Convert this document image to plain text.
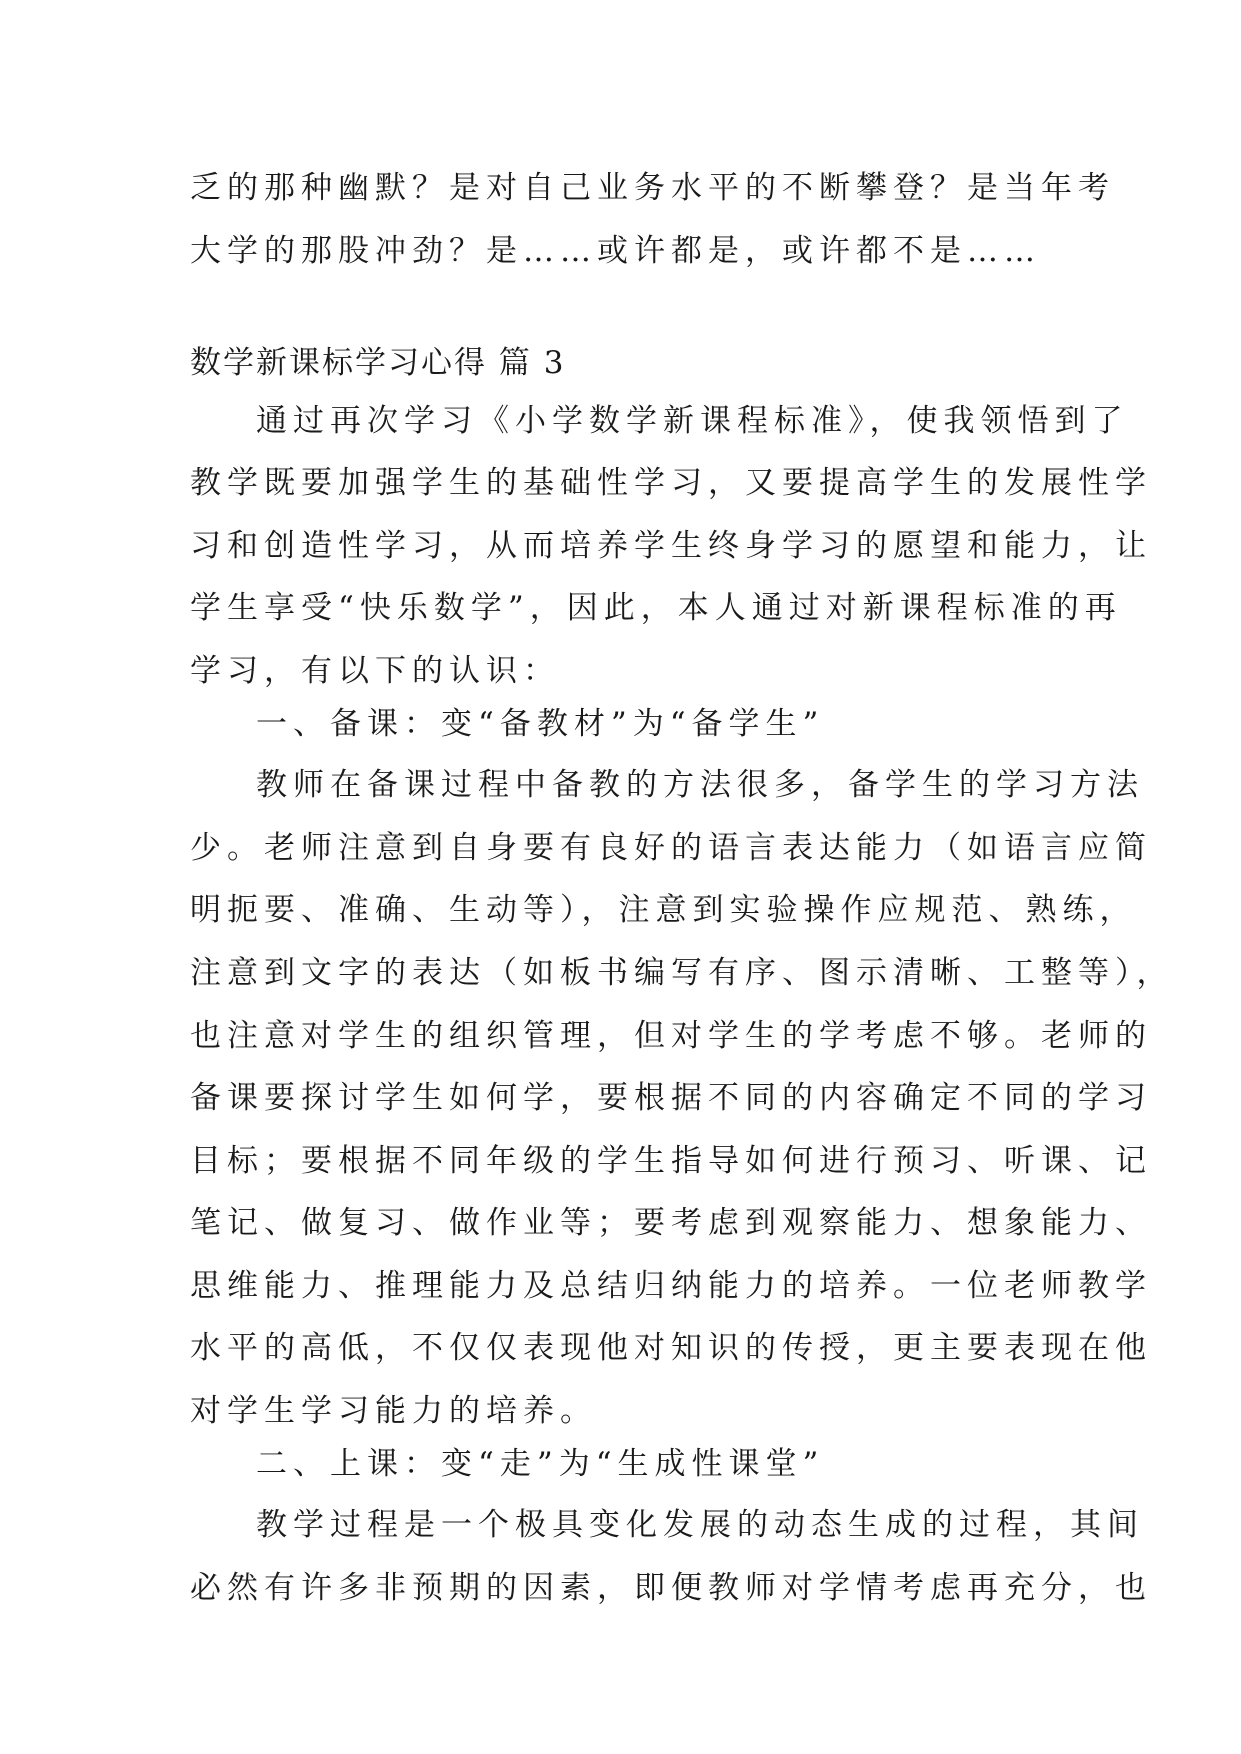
乏的那种幽默？是对自己业务水平的不断攀登？是当年考
大学的那股冲劲？是……或许都是，或许都不是……
数学新课标学习心得 篇 3
通过再次学习《小学数学新课程标准》，使我领悟到了
教学既要加强学生的基础性学习，又要提高学生的发展性学
习和创造性学习，从而培养学生终身学习的愿望和能力，让
学生享受“快乐数学”，因此，本人通过对新课程标准的再
学习，有以下的认识：
一、备课：变“备教材”为“备学生”
教师在备课过程中备教的方法很多，备学生的学习方法
少。老师注意到自身要有良好的语言表达能力（如语言应简
明扼要、准确、生动等），注意到实验操作应规范、熟练，
注意到文字的表达（如板书编写有序、图示清晰、工整等），
也注意对学生的组织管理，但对学生的学考虑不够。老师的
备课要探讨学生如何学，要根据不同的内容确定不同的学习
目标；要根据不同年级的学生指导如何进行预习、听课、记
笔记、做复习、做作业等；要考虑到观察能力、想象能力、
思维能力、推理能力及总结归纳能力的培养。一位老师教学
水平的高低，不仅仅表现他对知识的传授，更主要表现在他
对学生学习能力的培养。
二、上课：变“走”为“生成性课堂”
教学过程是一个极具变化发展的动态生成的过程，其间
必然有许多非预期的因素，即便教师对学情考虑再充分，也
